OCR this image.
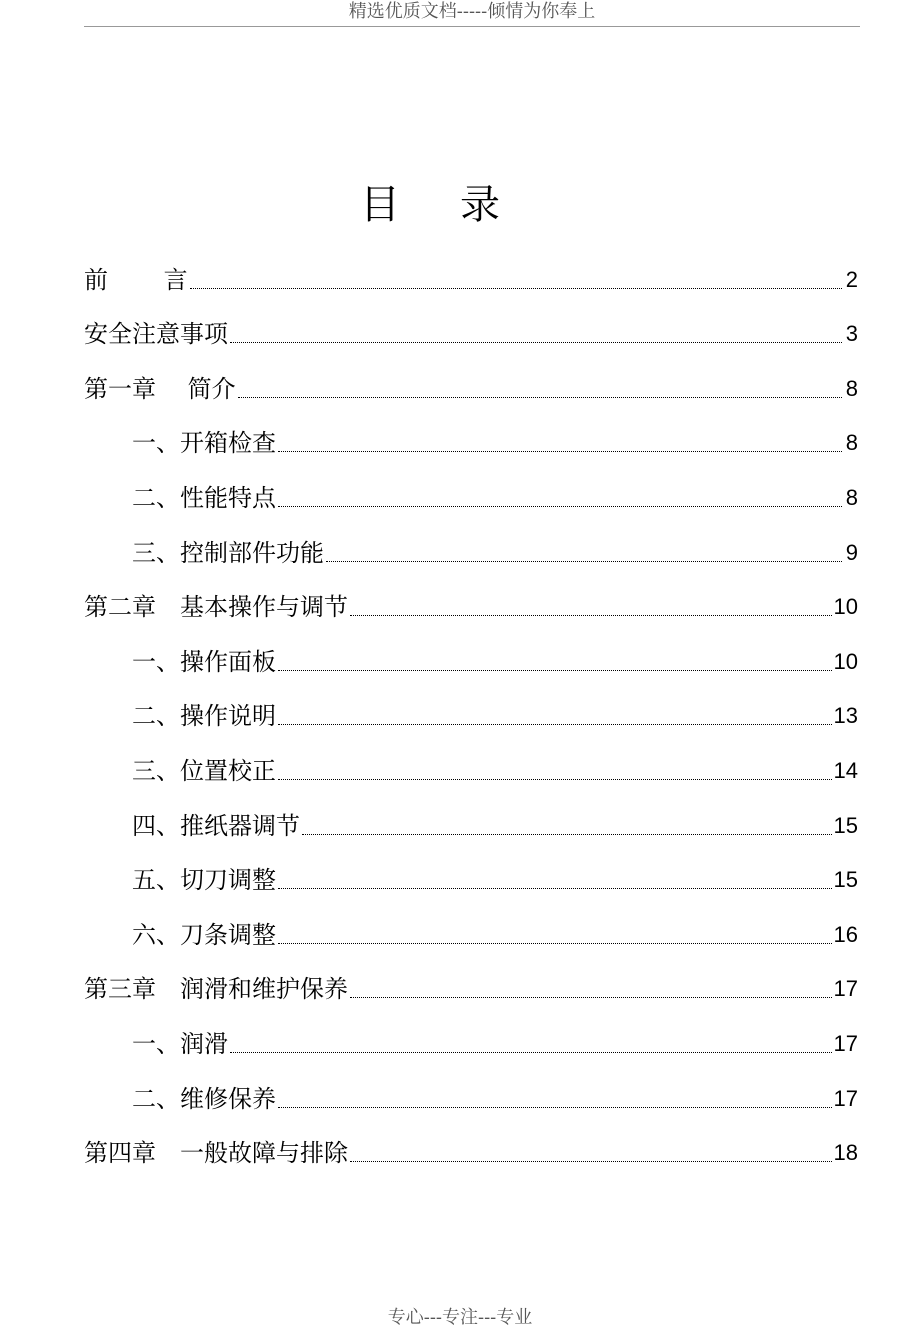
精选优质文档-----倾情为你奉上
目录
前　　 言	2
安全注意事项	3
第一章　 简介	8
一、开箱检查	8
二、性能特点	8
三、控制部件功能	9
第二章　基本操作与调节	10
一、操作面板	10
二、操作说明	13
三、位置校正	14
四、推纸器调节	15
五、切刀调整	15
六、刀条调整	16
第三章　润滑和维护保养	17
一、润滑	17
二、维修保养	17
第四章　一般故障与排除	18
专心---专注---专业
